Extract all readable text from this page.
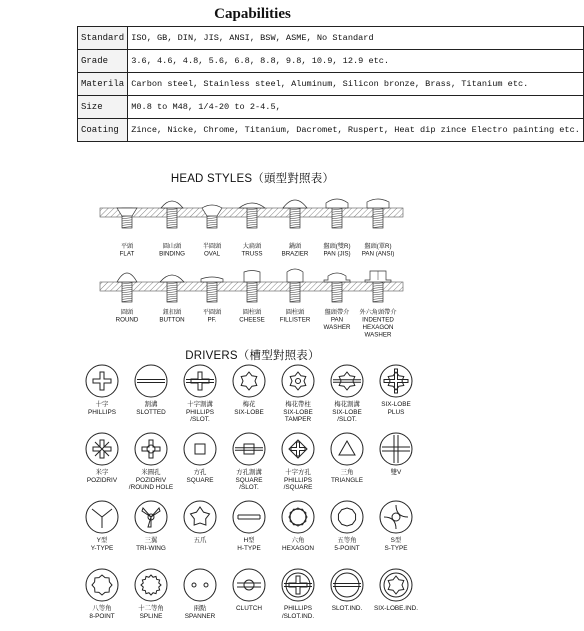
Capabilities
Standard	ISO, GB, DIN, JIS, ANSI, BSW, ASME, No Standard
Grade	3.6, 4.6, 4.8, 5.6, 6.8, 8.8, 9.8, 10.9, 12.9 etc.
Materila	Carbon steel, Stainless steel, Aluminum, Silicon bronze, Brass, Titanium etc.
Size	M0.8 to M48, 1/4-20 to 2-4.5,
Coating	Zince, Nicke, Chrome, Titanium, Dacromet, Ruspert, Heat dip zince Electro painting etc.
HEAD STYLES（頭型對照表）
平頭
FLAT
圓山頭
BINDING
半圓頭
OVAL
大扁頭
TRUSS
鍋頭
BRAZIER
盤頭(雙R)
PAN (JIS)
盤頭(單R)
PAN (ANSI)
圓頭
ROUND
鈕扣頭
BUTTON
平圓頭
PF.
圓柱頭
CHEESE
圓柱頭
FILLISTER
盤頭帶介
PAN
WASHER
外六角頭帶介
INDENTED
HEXAGON
WASHER
DRIVERS（槽型對照表）
十字
PHILLIPS
割溝
SLOTTED
十字割溝
PHILLIPS
/SLOT.
梅花
SIX-LOBE
梅花帶柱
SIX-LOBE
TAMPER
梅花割溝
SIX-LOBE
/SLOT.
SIX-LOBE
PLUS
米字
POZIDRIV
米圓孔
POZIDRIV
/ROUND HOLE
方孔
SQUARE
方孔割溝
SQUARE
/SLOT.
十字方孔
PHILLIPS
/SQUARE
三角
TRIANGLE
雙V
Y型
Y-TYPE
三翼
TRI-WING
五爪	H型
H-TYPE
六角
HEXAGON
五等角
5-POINT
S型
S-TYPE
八等角
8-POINT
十二等角
SPLINE
兩點
SPANNER
CLUTCH	PHILLIPS
/SLOT.IND.
SLOT.IND.	SIX-LOBE.IND.
